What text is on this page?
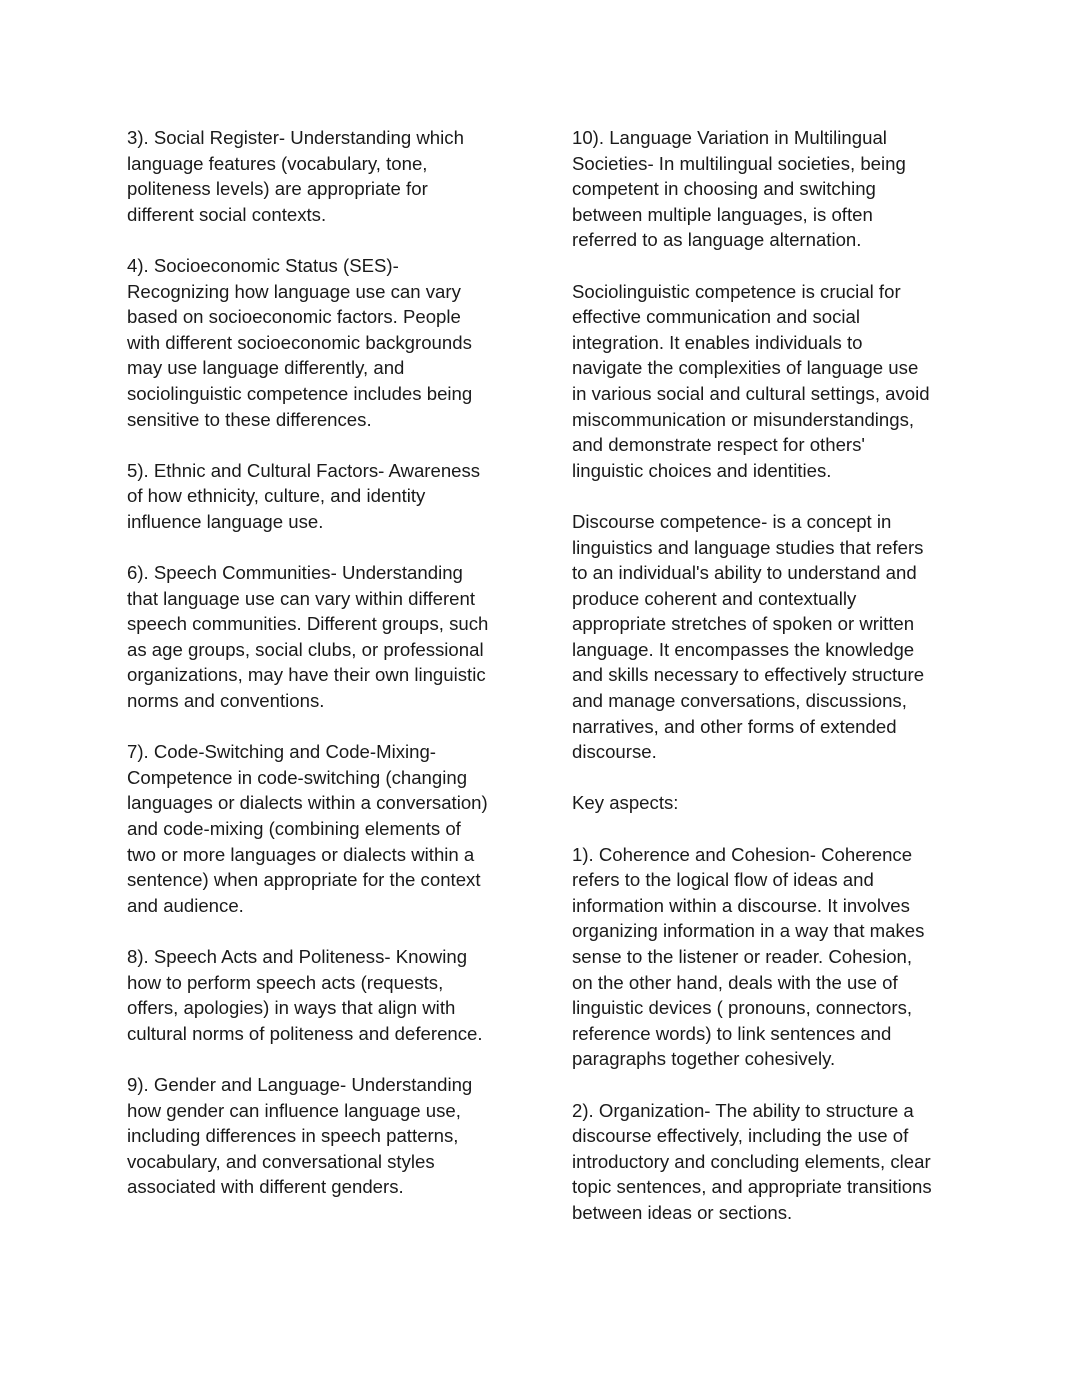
3). Social Register- Understanding which
language features (vocabulary, tone,
politeness levels) are appropriate for
different social contexts.
4). Socioeconomic Status (SES)-
Recognizing how language use can vary
based on socioeconomic factors. People
with different socioeconomic backgrounds
may use language differently, and
sociolinguistic competence includes being
sensitive to these differences.
5). Ethnic and Cultural Factors- Awareness
of how ethnicity, culture, and identity
influence language use.
6). Speech Communities- Understanding
that language use can vary within different
speech communities. Different groups, such
as age groups, social clubs, or professional
organizations, may have their own linguistic
norms and conventions.
7). Code-Switching and Code-Mixing-
Competence in code-switching (changing
languages or dialects within a conversation)
and code-mixing (combining elements of
two or more languages or dialects within a
sentence) when appropriate for the context
and audience.
8). Speech Acts and Politeness- Knowing
how to perform speech acts (requests,
offers, apologies) in ways that align with
cultural norms of politeness and deference.
9). Gender and Language- Understanding
how gender can influence language use,
including differences in speech patterns,
vocabulary, and conversational styles
associated with different genders.
10). Language Variation in Multilingual
Societies- In multilingual societies, being
competent in choosing and switching
between multiple languages, is often
referred to as language alternation.
Sociolinguistic competence is crucial for
effective communication and social
integration. It enables individuals to
navigate the complexities of language use
in various social and cultural settings, avoid
miscommunication or misunderstandings,
and demonstrate respect for others'
linguistic choices and identities.
Discourse competence- is a concept in
linguistics and language studies that refers
to an individual's ability to understand and
produce coherent and contextually
appropriate stretches of spoken or written
language. It encompasses the knowledge
and skills necessary to effectively structure
and manage conversations, discussions,
narratives, and other forms of extended
discourse.
Key aspects:
1). Coherence and Cohesion- Coherence
refers to the logical flow of ideas and
information within a discourse. It involves
organizing information in a way that makes
sense to the listener or reader. Cohesion,
on the other hand, deals with the use of
linguistic devices ( pronouns, connectors,
reference words) to link sentences and
paragraphs together cohesively.
2). Organization- The ability to structure a
discourse effectively, including the use of
introductory and concluding elements, clear
topic sentences, and appropriate transitions
between ideas or sections.
